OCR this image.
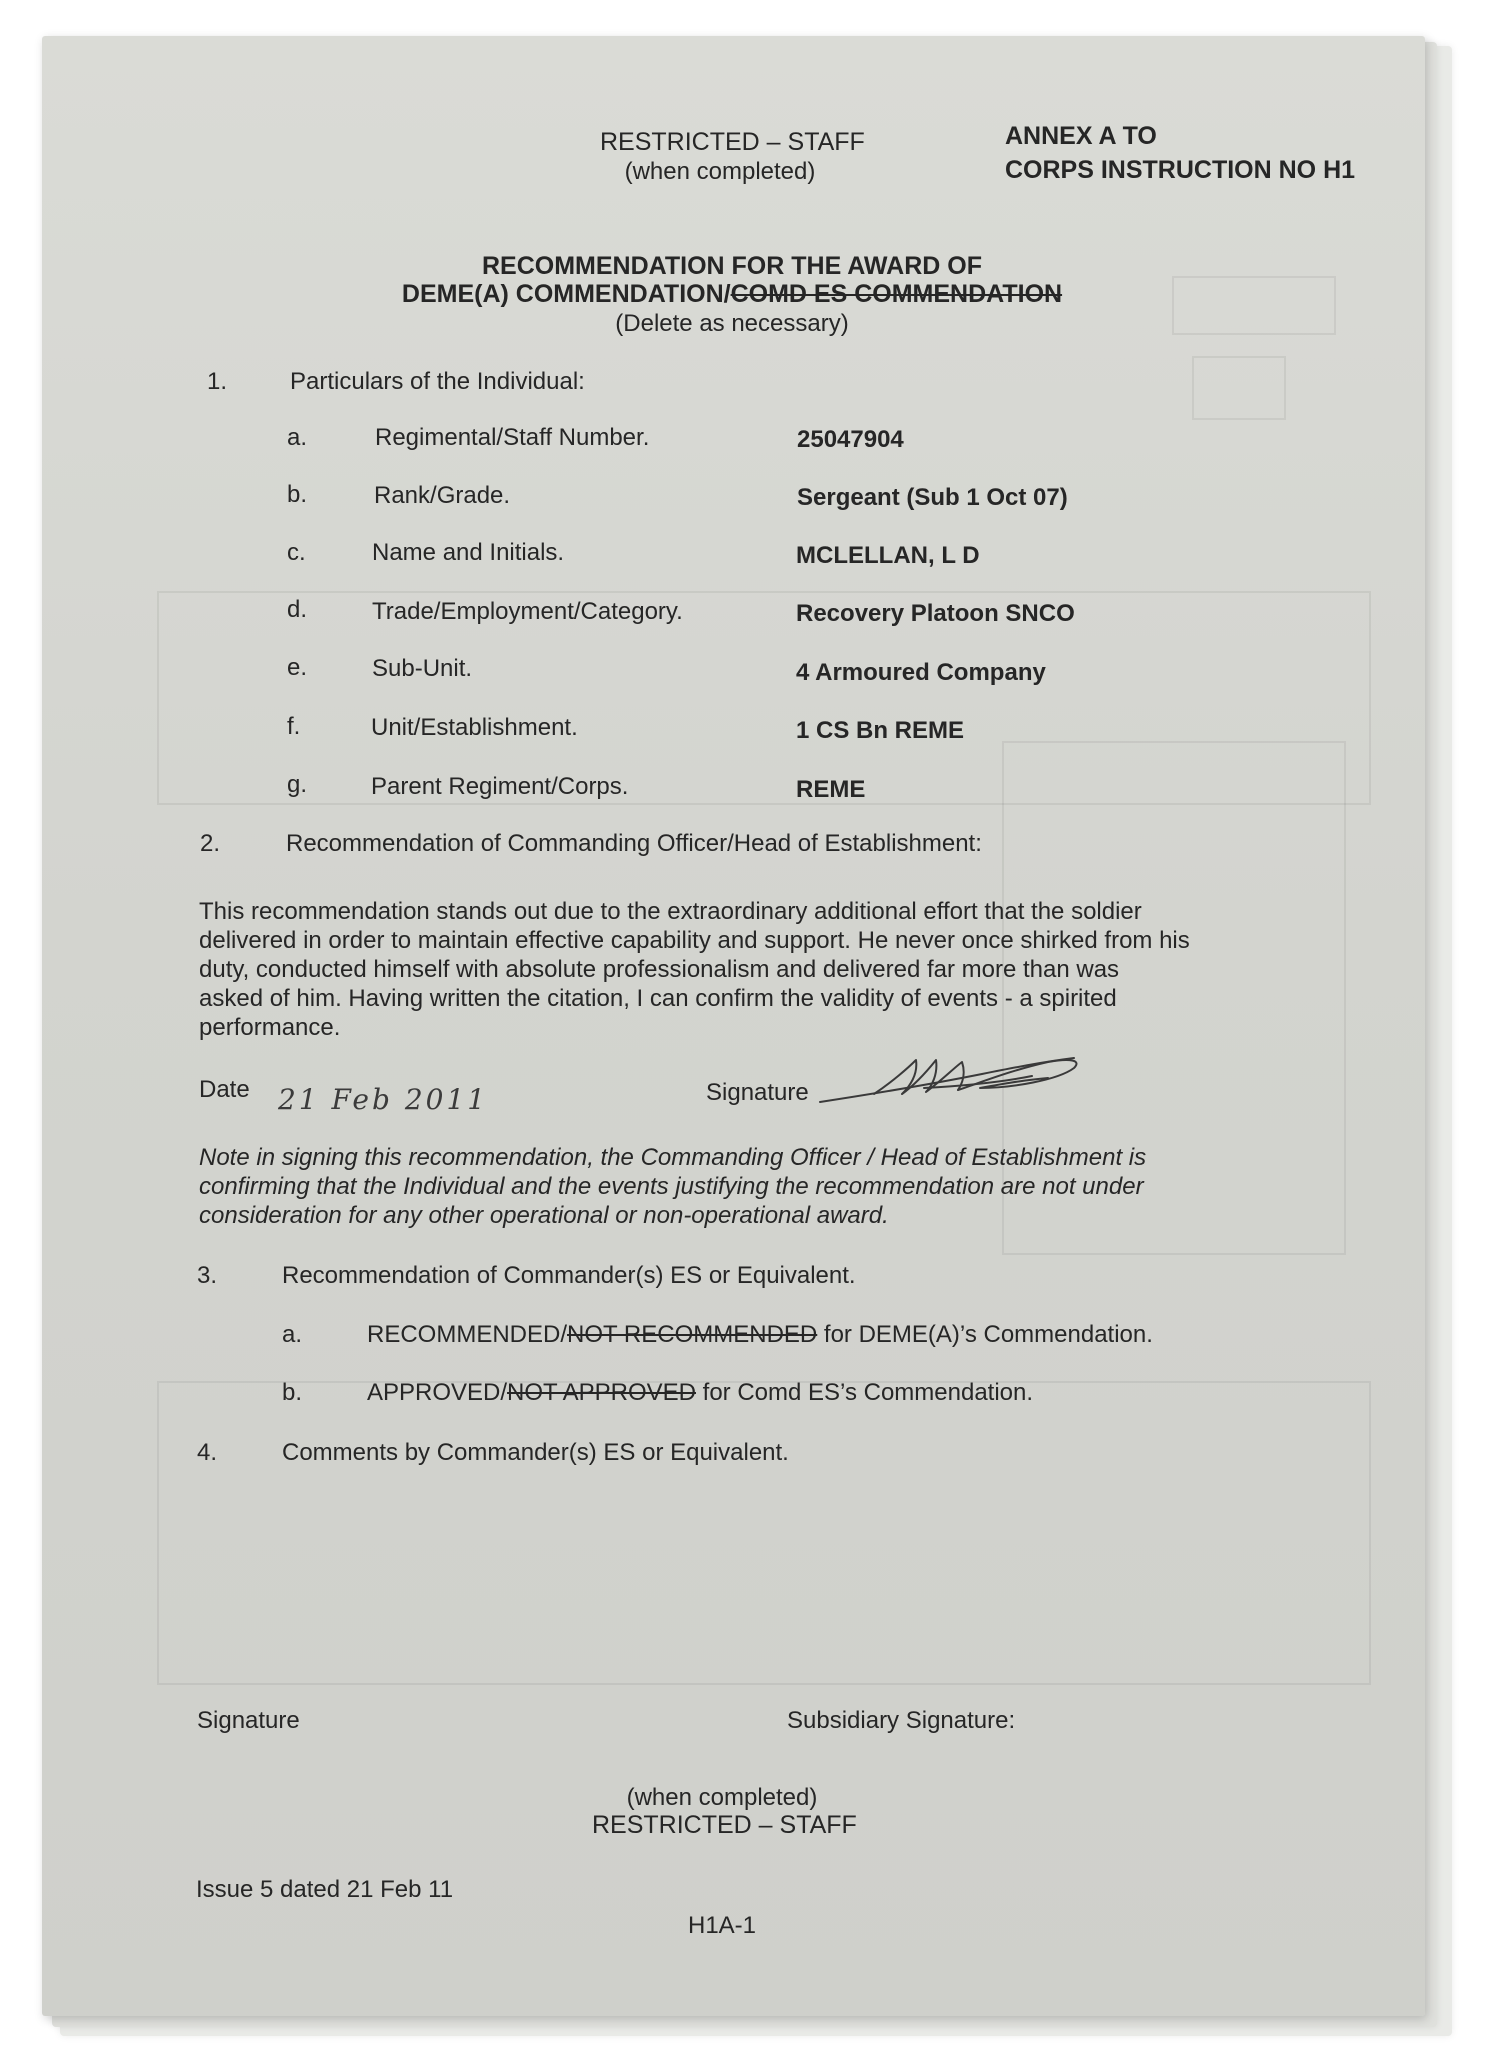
RESTRICTED – STAFF
(when completed)
ANNEX A TO
CORPS INSTRUCTION NO H1
RECOMMENDATION FOR THE AWARD OF
DEME(A) COMMENDATION/COMD ES COMMENDATION
(Delete as necessary)
1.	Particulars of the Individual:
a.	Regimental/Staff Number.	25047904
b.	Rank/Grade.	Sergeant (Sub 1 Oct 07)
c.	Name and Initials.	MCLELLAN, L D
d.	Trade/Employment/Category.	Recovery Platoon SNCO
e.	Sub-Unit.	4 Armoured Company
f.	Unit/Establishment.	1 CS Bn REME
g.	Parent Regiment/Corps.	REME
2.	Recommendation of Commanding Officer/Head of Establishment:
This recommendation stands out due to the extraordinary additional effort that the soldier
delivered in order to maintain effective capability and support. He never once shirked from his
duty, conducted himself with absolute professionalism and delivered far more than was
asked of him. Having written the citation, I can confirm the validity of events - a spirited
performance.
Date 21 Feb 2011	Signature
Note in signing this recommendation, the Commanding Officer / Head of Establishment is
confirming that the Individual and the events justifying the recommendation are not under
consideration for any other operational or non-operational award.
3.	Recommendation of Commander(s) ES or Equivalent.
a.	RECOMMENDED/NOT RECOMMENDED for DEME(A)’s Commendation.
b.	APPROVED/NOT APPROVED for Comd ES’s Commendation.
4.	Comments by Commander(s) ES or Equivalent.
Signature	Subsidiary Signature:
(when completed)
RESTRICTED – STAFF
Issue 5 dated 21 Feb 11
H1A-1
